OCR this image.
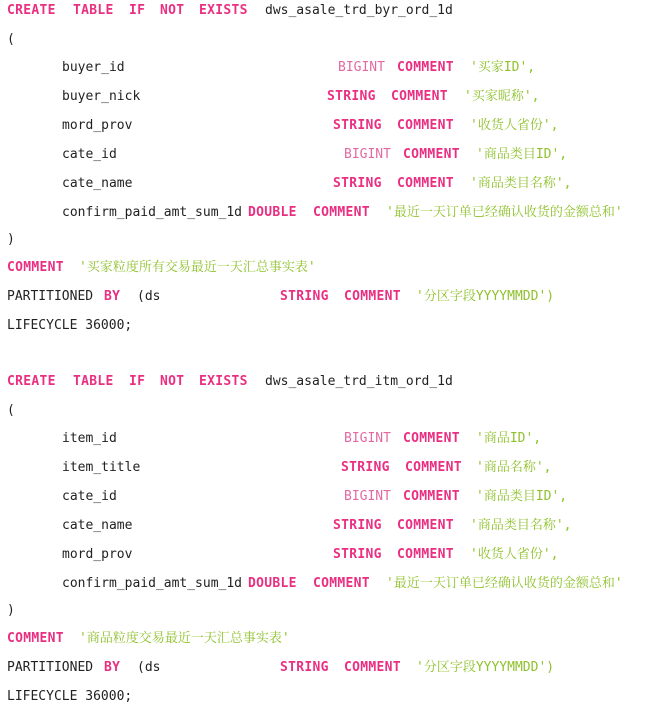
CREATE TABLE IF NOT EXISTS dws_asale_trd_byr_ord_1d
(
buyer_id	BIGINT COMMENT '买家ID',
buyer_nick	STRING COMMENT '买家昵称',
mord_prov	STRING COMMENT '收货人省份',
cate_id	BIGINT COMMENT '商品类目ID',
cate_name	STRING COMMENT '商品类目名称',
confirm_paid_amt_sum_1d DOUBLE COMMENT '最近一天订单已经确认收货的金额总和'
)
COMMENT '买家粒度所有交易最近一天汇总事实表'
PARTITIONED BY (ds	STRING COMMENT '分区字段YYYYMMDD')
LIFECYCLE 36000;
CREATE TABLE IF NOT EXISTS dws_asale_trd_itm_ord_1d
(
item_id	BIGINT COMMENT '商品ID',
item_title	STRING COMMENT '商品名称',
cate_id	BIGINT COMMENT '商品类目ID',
cate_name	STRING COMMENT '商品类目名称',
mord_prov	STRING COMMENT '收货人省份',
confirm_paid_amt_sum_1d DOUBLE COMMENT '最近一天订单已经确认收货的金额总和'
)
COMMENT '商品粒度交易最近一天汇总事实表'
PARTITIONED BY (ds	STRING COMMENT '分区字段YYYYMMDD')
LIFECYCLE 36000;
